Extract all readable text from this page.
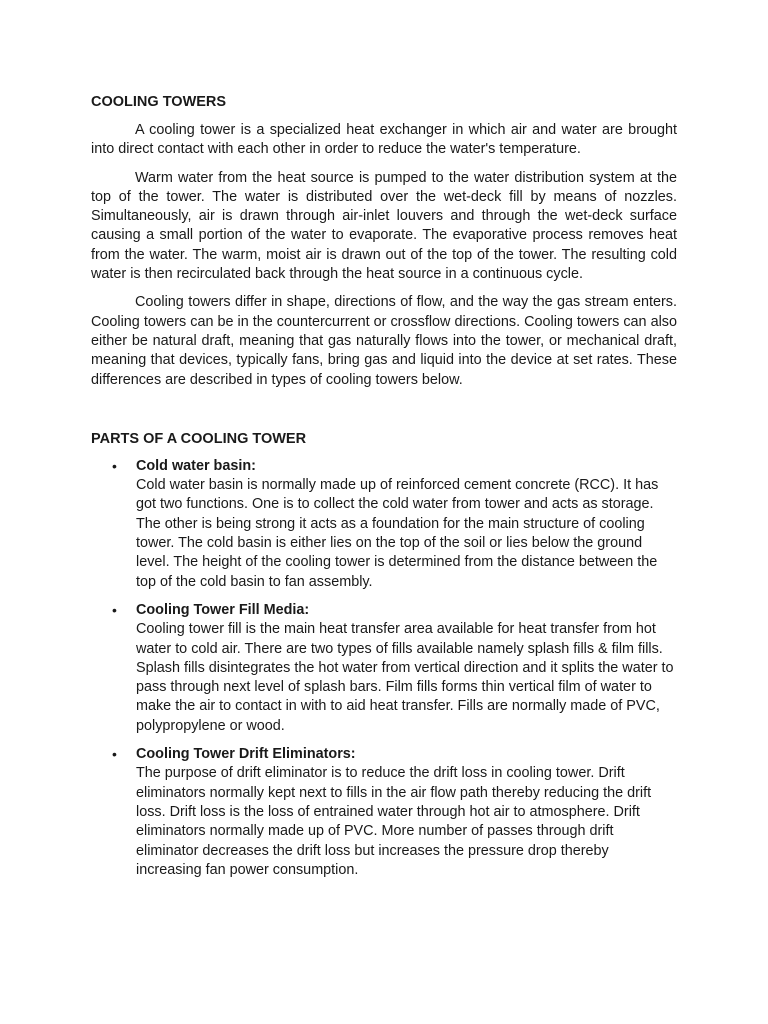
COOLING TOWERS

A cooling tower is a specialized heat exchanger in which air and water are brought into direct contact with each other in order to reduce the water's temperature.

Warm water from the heat source is pumped to the water distribution system at the top of the tower. The water is distributed over the wet-deck fill by means of nozzles. Simultaneously, air is drawn through air-inlet louvers and through the wet-deck surface causing a small portion of the water to evaporate. The evaporative process removes heat from the water. The warm, moist air is drawn out of the top of the tower. The resulting cold water is then recirculated back through the heat source in a continuous cycle.

Cooling towers differ in shape, directions of flow, and the way the gas stream enters. Cooling towers can be in the countercurrent or crossflow directions. Cooling towers can also either be natural draft, meaning that gas naturally flows into the tower, or mechanical draft, meaning that devices, typically fans, bring gas and liquid into the device at set rates. These differences are described in types of cooling towers below.

PARTS OF A COOLING TOWER
• Cold water basin:
Cold water basin is normally made up of reinforced cement concrete (RCC). It has got two functions. One is to collect the cold water from tower and acts as storage. The other is being strong it acts as a foundation for the main structure of cooling tower. The cold basin is either lies on the top of the soil or lies below the ground level. The height of the cooling tower is determined from the distance between the top of the cold basin to fan assembly.
• Cooling Tower Fill Media:
Cooling tower fill is the main heat transfer area available for heat transfer from hot water to cold air. There are two types of fills available namely splash fills & film fills. Splash fills disintegrates the hot water from vertical direction and it splits the water to pass through next level of splash bars. Film fills forms thin vertical film of water to make the air to contact in with to aid heat transfer. Fills are normally made of PVC, polypropylene or wood.
• Cooling Tower Drift Eliminators:
The purpose of drift eliminator is to reduce the drift loss in cooling tower. Drift eliminators normally kept next to fills in the air flow path thereby reducing the drift loss. Drift loss is the loss of entrained water through hot air to atmosphere. Drift eliminators normally made up of PVC. More number of passes through drift eliminator decreases the drift loss but increases the pressure drop thereby increasing fan power consumption.
